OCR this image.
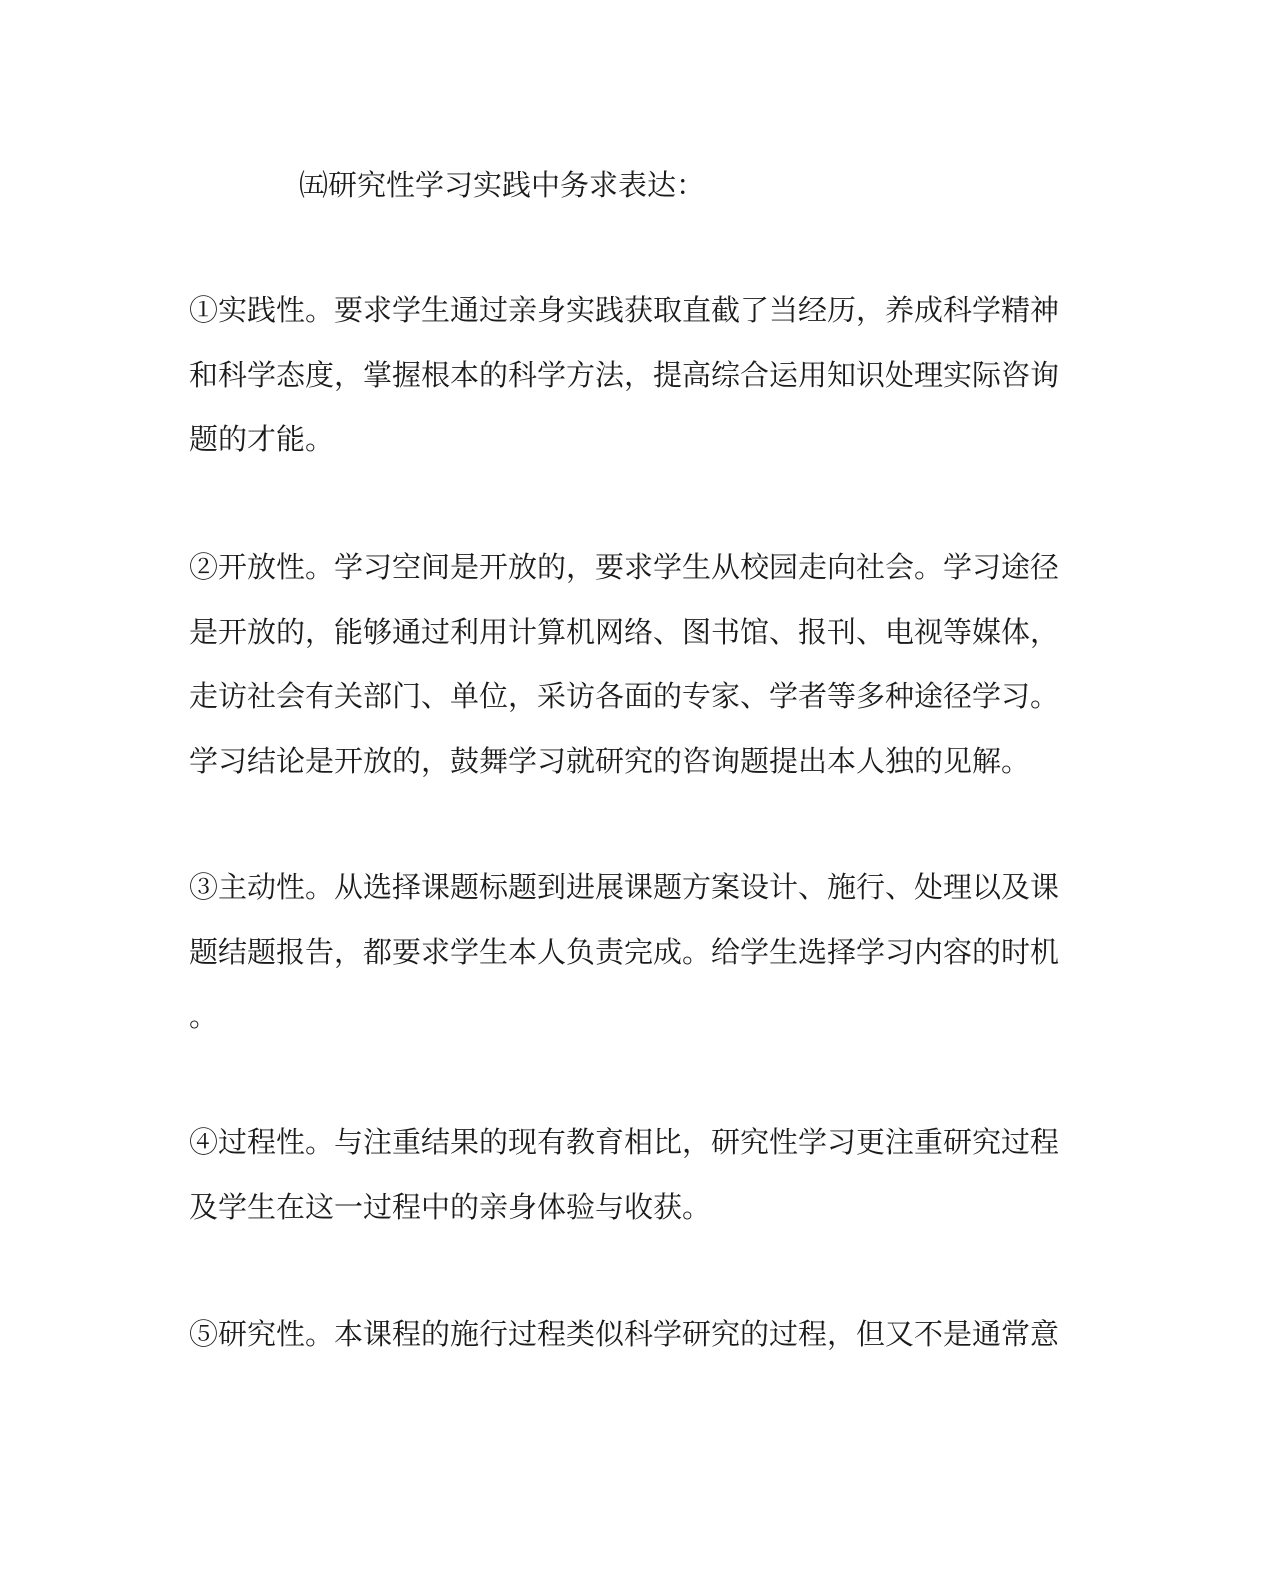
㈤研究性学习实践中务求表达：
①实践性。要求学生通过亲身实践获取直截了当经历，养成科学精神
和科学态度，掌握根本的科学方法，提高综合运用知识处理实际咨询
题的才能。
②开放性。学习空间是开放的，要求学生从校园走向社会。学习途径
是开放的，能够通过利用计算机网络、图书馆、报刊、电视等媒体，
走访社会有关部门、单位，采访各面的专家、学者等多种途径学习。
学习结论是开放的，鼓舞学习就研究的咨询题提出本人独的见解。
③主动性。从选择课题标题到进展课题方案设计、施行、处理以及课
题结题报告，都要求学生本人负责完成。给学生选择学习内容的时机
。
④过程性。与注重结果的现有教育相比，研究性学习更注重研究过程
及学生在这一过程中的亲身体验与收获。
⑤研究性。本课程的施行过程类似科学研究的过程，但又不是通常意
